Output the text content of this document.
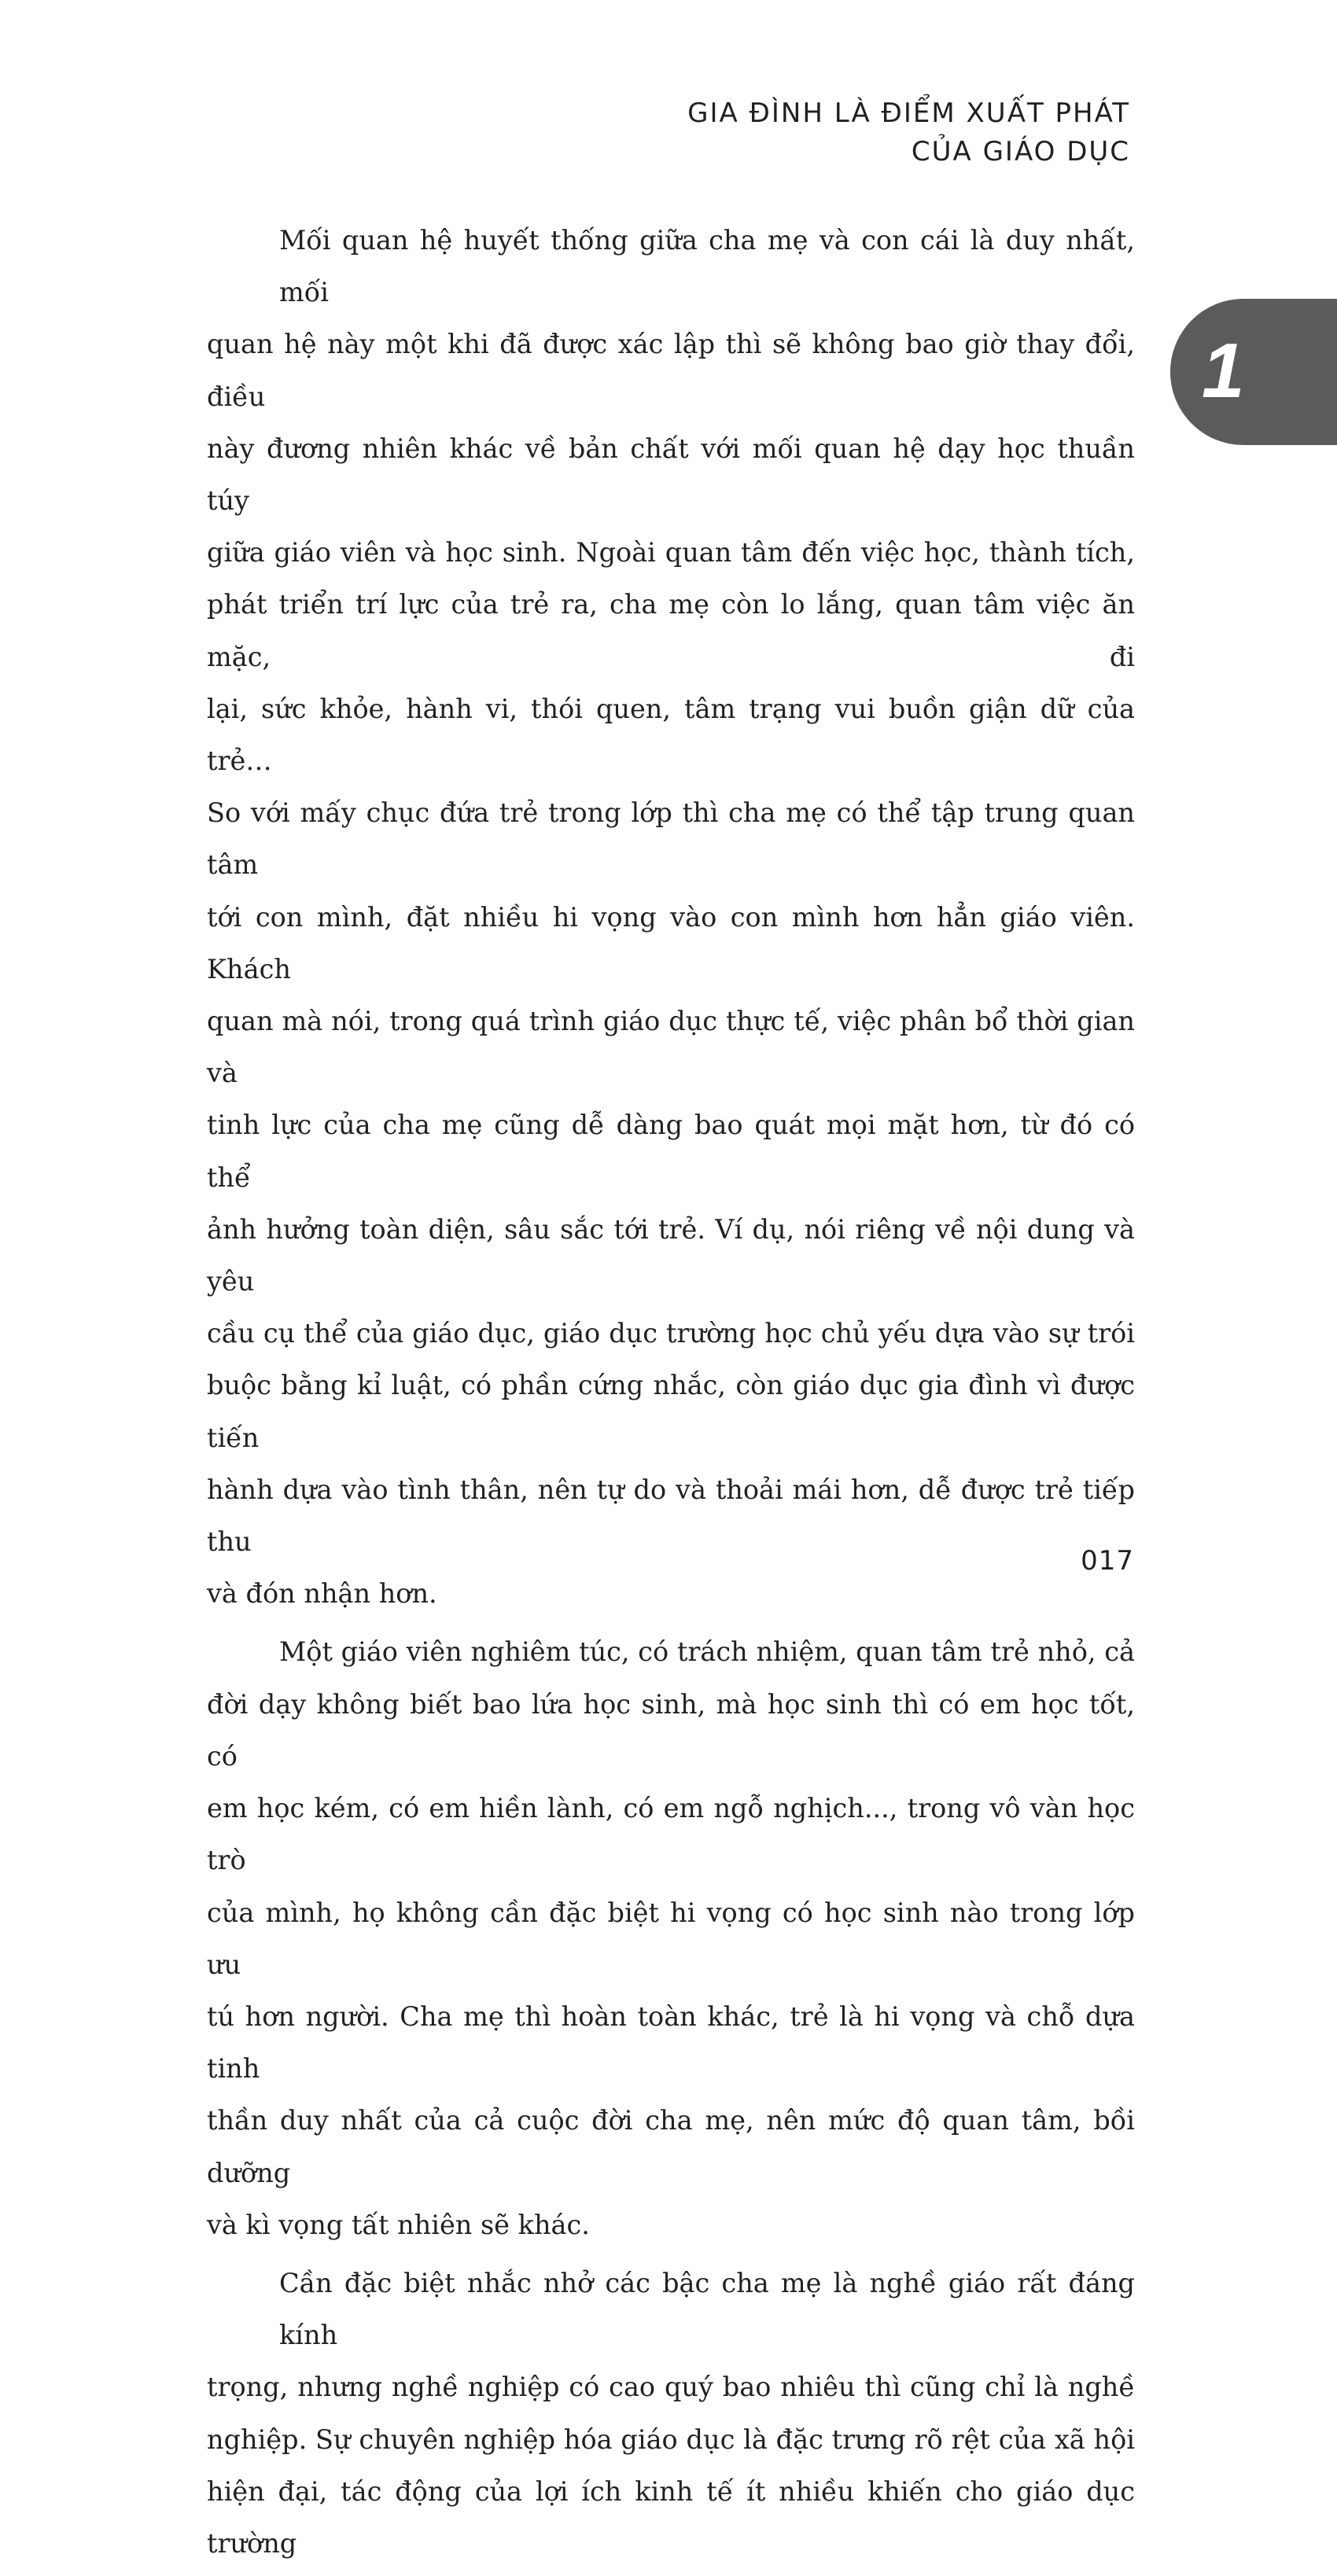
GIA ĐÌNH LÀ ĐIỂM XUẤT PHÁT
CỦA GIÁO DỤC
1
Mối quan hệ huyết thống giữa cha mẹ và con cái là duy nhất, mối
quan hệ này một khi đã được xác lập thì sẽ không bao giờ thay đổi, điều
này đương nhiên khác về bản chất với mối quan hệ dạy học thuần túy
giữa giáo viên và học sinh. Ngoài quan tâm đến việc học, thành tích,
phát triển trí lực của trẻ ra, cha mẹ còn lo lắng, quan tâm việc ăn mặc, đi
lại, sức khỏe, hành vi, thói quen, tâm trạng vui buồn giận dữ của trẻ…
So với mấy chục đứa trẻ trong lớp thì cha mẹ có thể tập trung quan tâm
tới con mình, đặt nhiều hi vọng vào con mình hơn hẳn giáo viên. Khách
quan mà nói, trong quá trình giáo dục thực tế, việc phân bổ thời gian và
tinh lực của cha mẹ cũng dễ dàng bao quát mọi mặt hơn, từ đó có thể
ảnh hưởng toàn diện, sâu sắc tới trẻ. Ví dụ, nói riêng về nội dung và yêu
cầu cụ thể của giáo dục, giáo dục trường học chủ yếu dựa vào sự trói
buộc bằng kỉ luật, có phần cứng nhắc, còn giáo dục gia đình vì được tiến
hành dựa vào tình thân, nên tự do và thoải mái hơn, dễ được trẻ tiếp thu
và đón nhận hơn.
Một giáo viên nghiêm túc, có trách nhiệm, quan tâm trẻ nhỏ, cả
đời dạy không biết bao lứa học sinh, mà học sinh thì có em học tốt, có
em học kém, có em hiền lành, có em ngỗ nghịch..., trong vô vàn học trò
của mình, họ không cần đặc biệt hi vọng có học sinh nào trong lớp ưu
tú hơn người. Cha mẹ thì hoàn toàn khác, trẻ là hi vọng và chỗ dựa tinh
thần duy nhất của cả cuộc đời cha mẹ, nên mức độ quan tâm, bồi dưỡng
và kì vọng tất nhiên sẽ khác.
Cần đặc biệt nhắc nhở các bậc cha mẹ là nghề giáo rất đáng kính
trọng, nhưng nghề nghiệp có cao quý bao nhiêu thì cũng chỉ là nghề
nghiệp. Sự chuyên nghiệp hóa giáo dục là đặc trưng rõ rệt của xã hội
hiện đại, tác động của lợi ích kinh tế ít nhiều khiến cho giáo dục trường
017
